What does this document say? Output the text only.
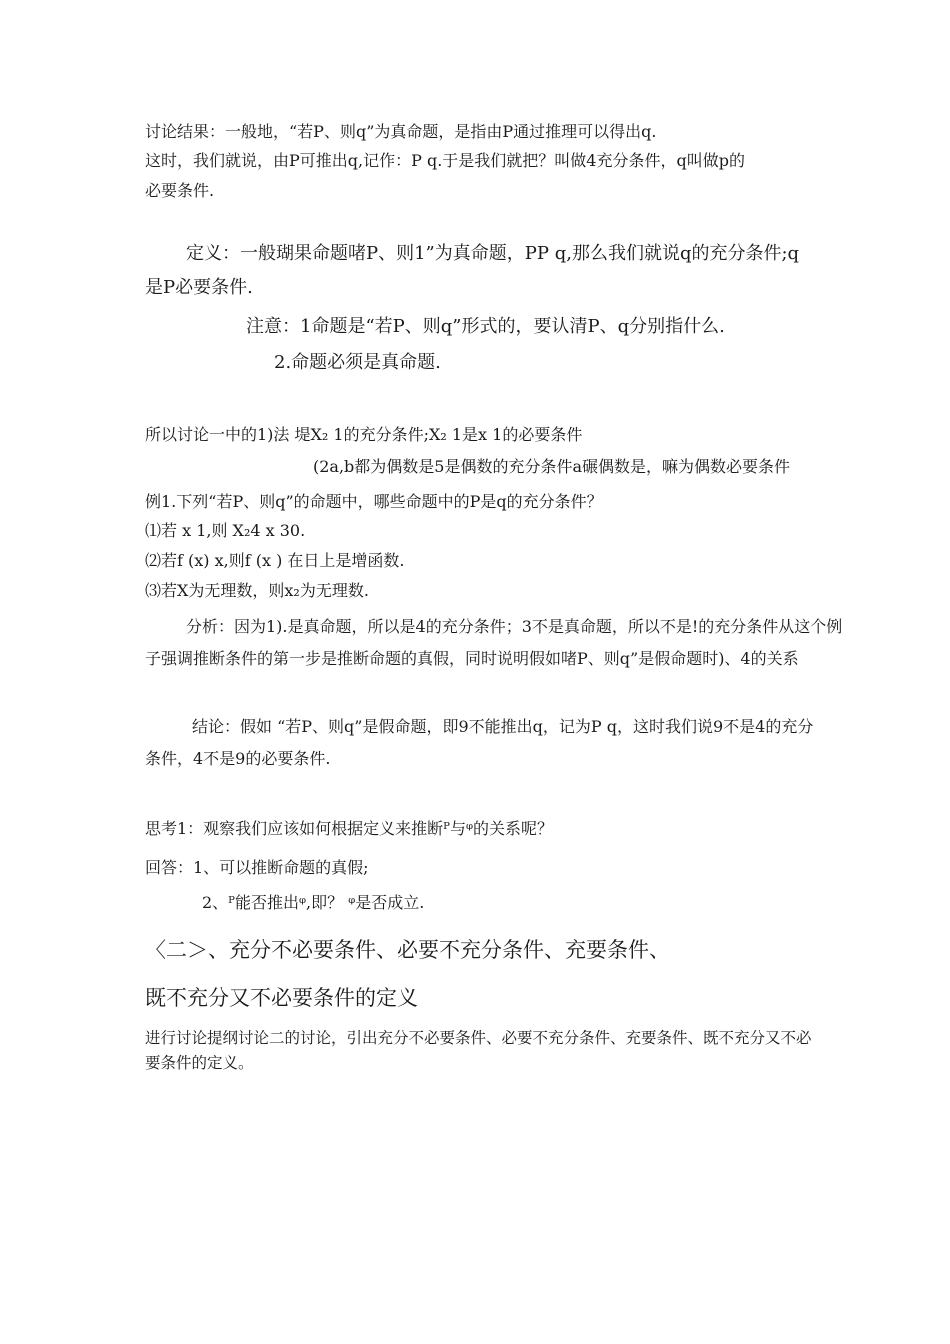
讨论结果：一般地，“若P、则q”为真命题，是指由P通过推理可以得出q.
这时，我们就说，由P可推出q,记作：P q.于是我们就把？叫做4充分条件，q叫做p的
必要条件.
定义：一般瑚果命题啫P、则1”为真命题，PP q,那么我们就说q的充分条件;q
是P必要条件.
注意：1命题是“若P、则q”形式的，要认清P、q分别指什么.
2.命题必须是真命题.
所以讨论一中的1)法 堤X₂ 1的充分条件;X₂ 1是x 1的必要条件
(2a,b都为偶数是5是偶数的充分条件a碾偶数是，嘛为偶数必要条件
例1.下列“若P、则q”的命题中，哪些命题中的P是q的充分条件？
⑴若 x 1,则 X₂4 x 30.
⑵若f (x) x,则f (x ) 在日上是增函数.
⑶若X为无理数，则x₂为无理数.
分析：因为1).是真命题，所以是4的充分条件；3不是真命题，所以不是!的充分条件从这个例
子强调推断条件的第一步是推断命题的真假，同时说明假如啫P、则q”是假命题时)、4的关系
结论：假如 “若P、则q”是假命题，即9不能推出q，记为P q，这时我们说9不是4的充分
条件，4不是9的必要条件.
思考1：观察我们应该如何根据定义来推断ᴾ与ᵠ的关系呢？
回答：1、可以推断命题的真假;
2、ᴾ能否推出ᵠ,即？ ᵠ是否成立.
〈二＞、充分不必要条件、必要不充分条件、充要条件、
既不充分又不必要条件的定义
进行讨论提纲讨论二的讨论，引出充分不必要条件、必要不充分条件、充要条件、既不充分又不必
要条件的定义。
